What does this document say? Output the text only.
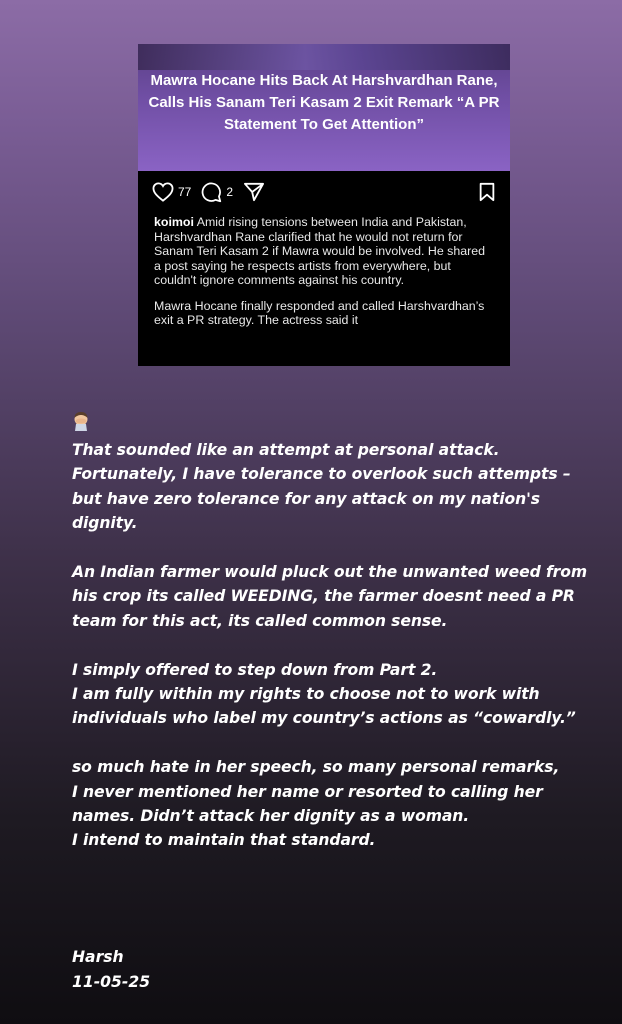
Mawra Hocane Hits Back At Harshvardhan Rane, Calls His Sanam Teri Kasam 2 Exit Remark “A PR Statement To Get Attention”
77	2

koimoi Amid rising tensions between India and Pakistan, Harshvardhan Rane clarified that he would not return for Sanam Teri Kasam 2 if Mawra would be involved. He shared a post saying he respects artists from everywhere, but couldn't ignore comments against his country.

Mawra Hocane finally responded and called Harshvardhan’s exit a PR strategy. The actress said it

That sounded like an attempt at personal attack. Fortunately, I have tolerance to overlook such attempts – but have zero tolerance for any attack on my nation's dignity.

An Indian farmer would pluck out the unwanted weed from his crop its called WEEDING, the farmer doesnt need a PR team for this act, its called common sense.

I simply offered to step down from Part 2.
I am fully within my rights to choose not to work with individuals who label my country’s actions as “cowardly.”

so much hate in her speech, so many personal remarks,
I never mentioned her name or resorted to calling her names. Didn’t attack her dignity as a woman.
I intend to maintain that standard.

Harsh
11-05-25
